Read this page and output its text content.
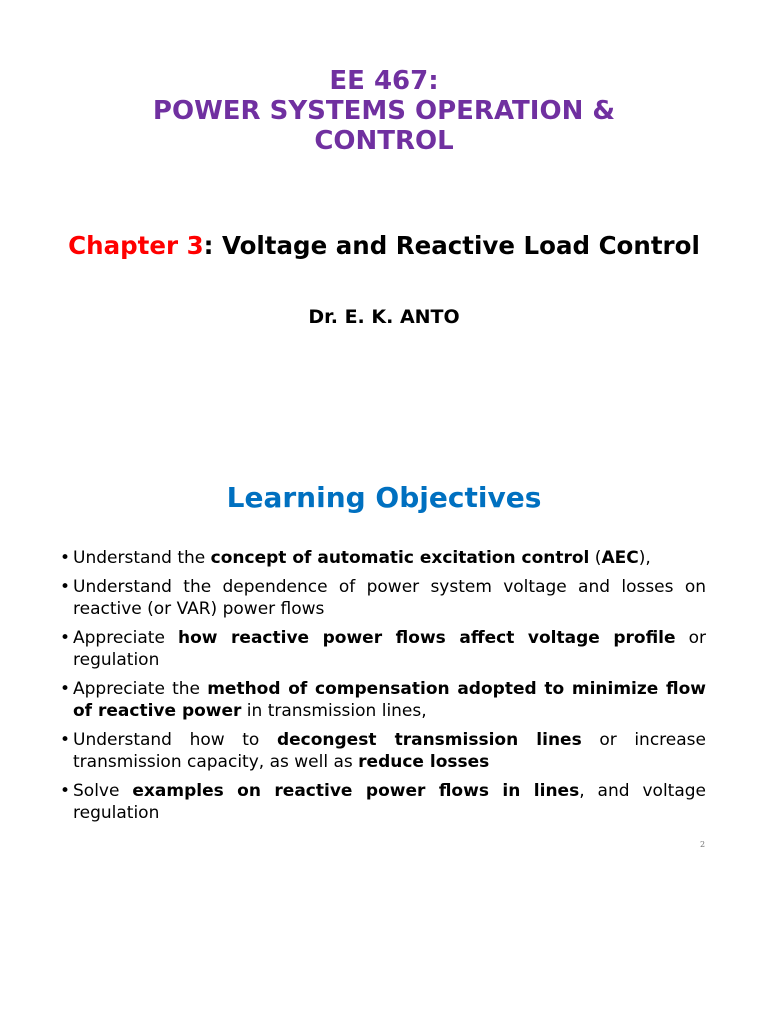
EE 467:
POWER SYSTEMS OPERATION &
CONTROL
Chapter 3: Voltage and Reactive Load Control

Dr. E. K. ANTO

Learning Objectives
• Understand the concept of automatic excitation control (AEC),
• Understand the dependence of power system voltage and losses on reactive (or VAR) power flows
• Appreciate how reactive power flows affect voltage profile or regulation
• Appreciate the method of compensation adopted to minimize flow of reactive power in transmission lines,
• Understand how to decongest transmission lines or increase transmission capacity, as well as reduce losses
• Solve examples on reactive power flows in lines, and voltage regulation
2
